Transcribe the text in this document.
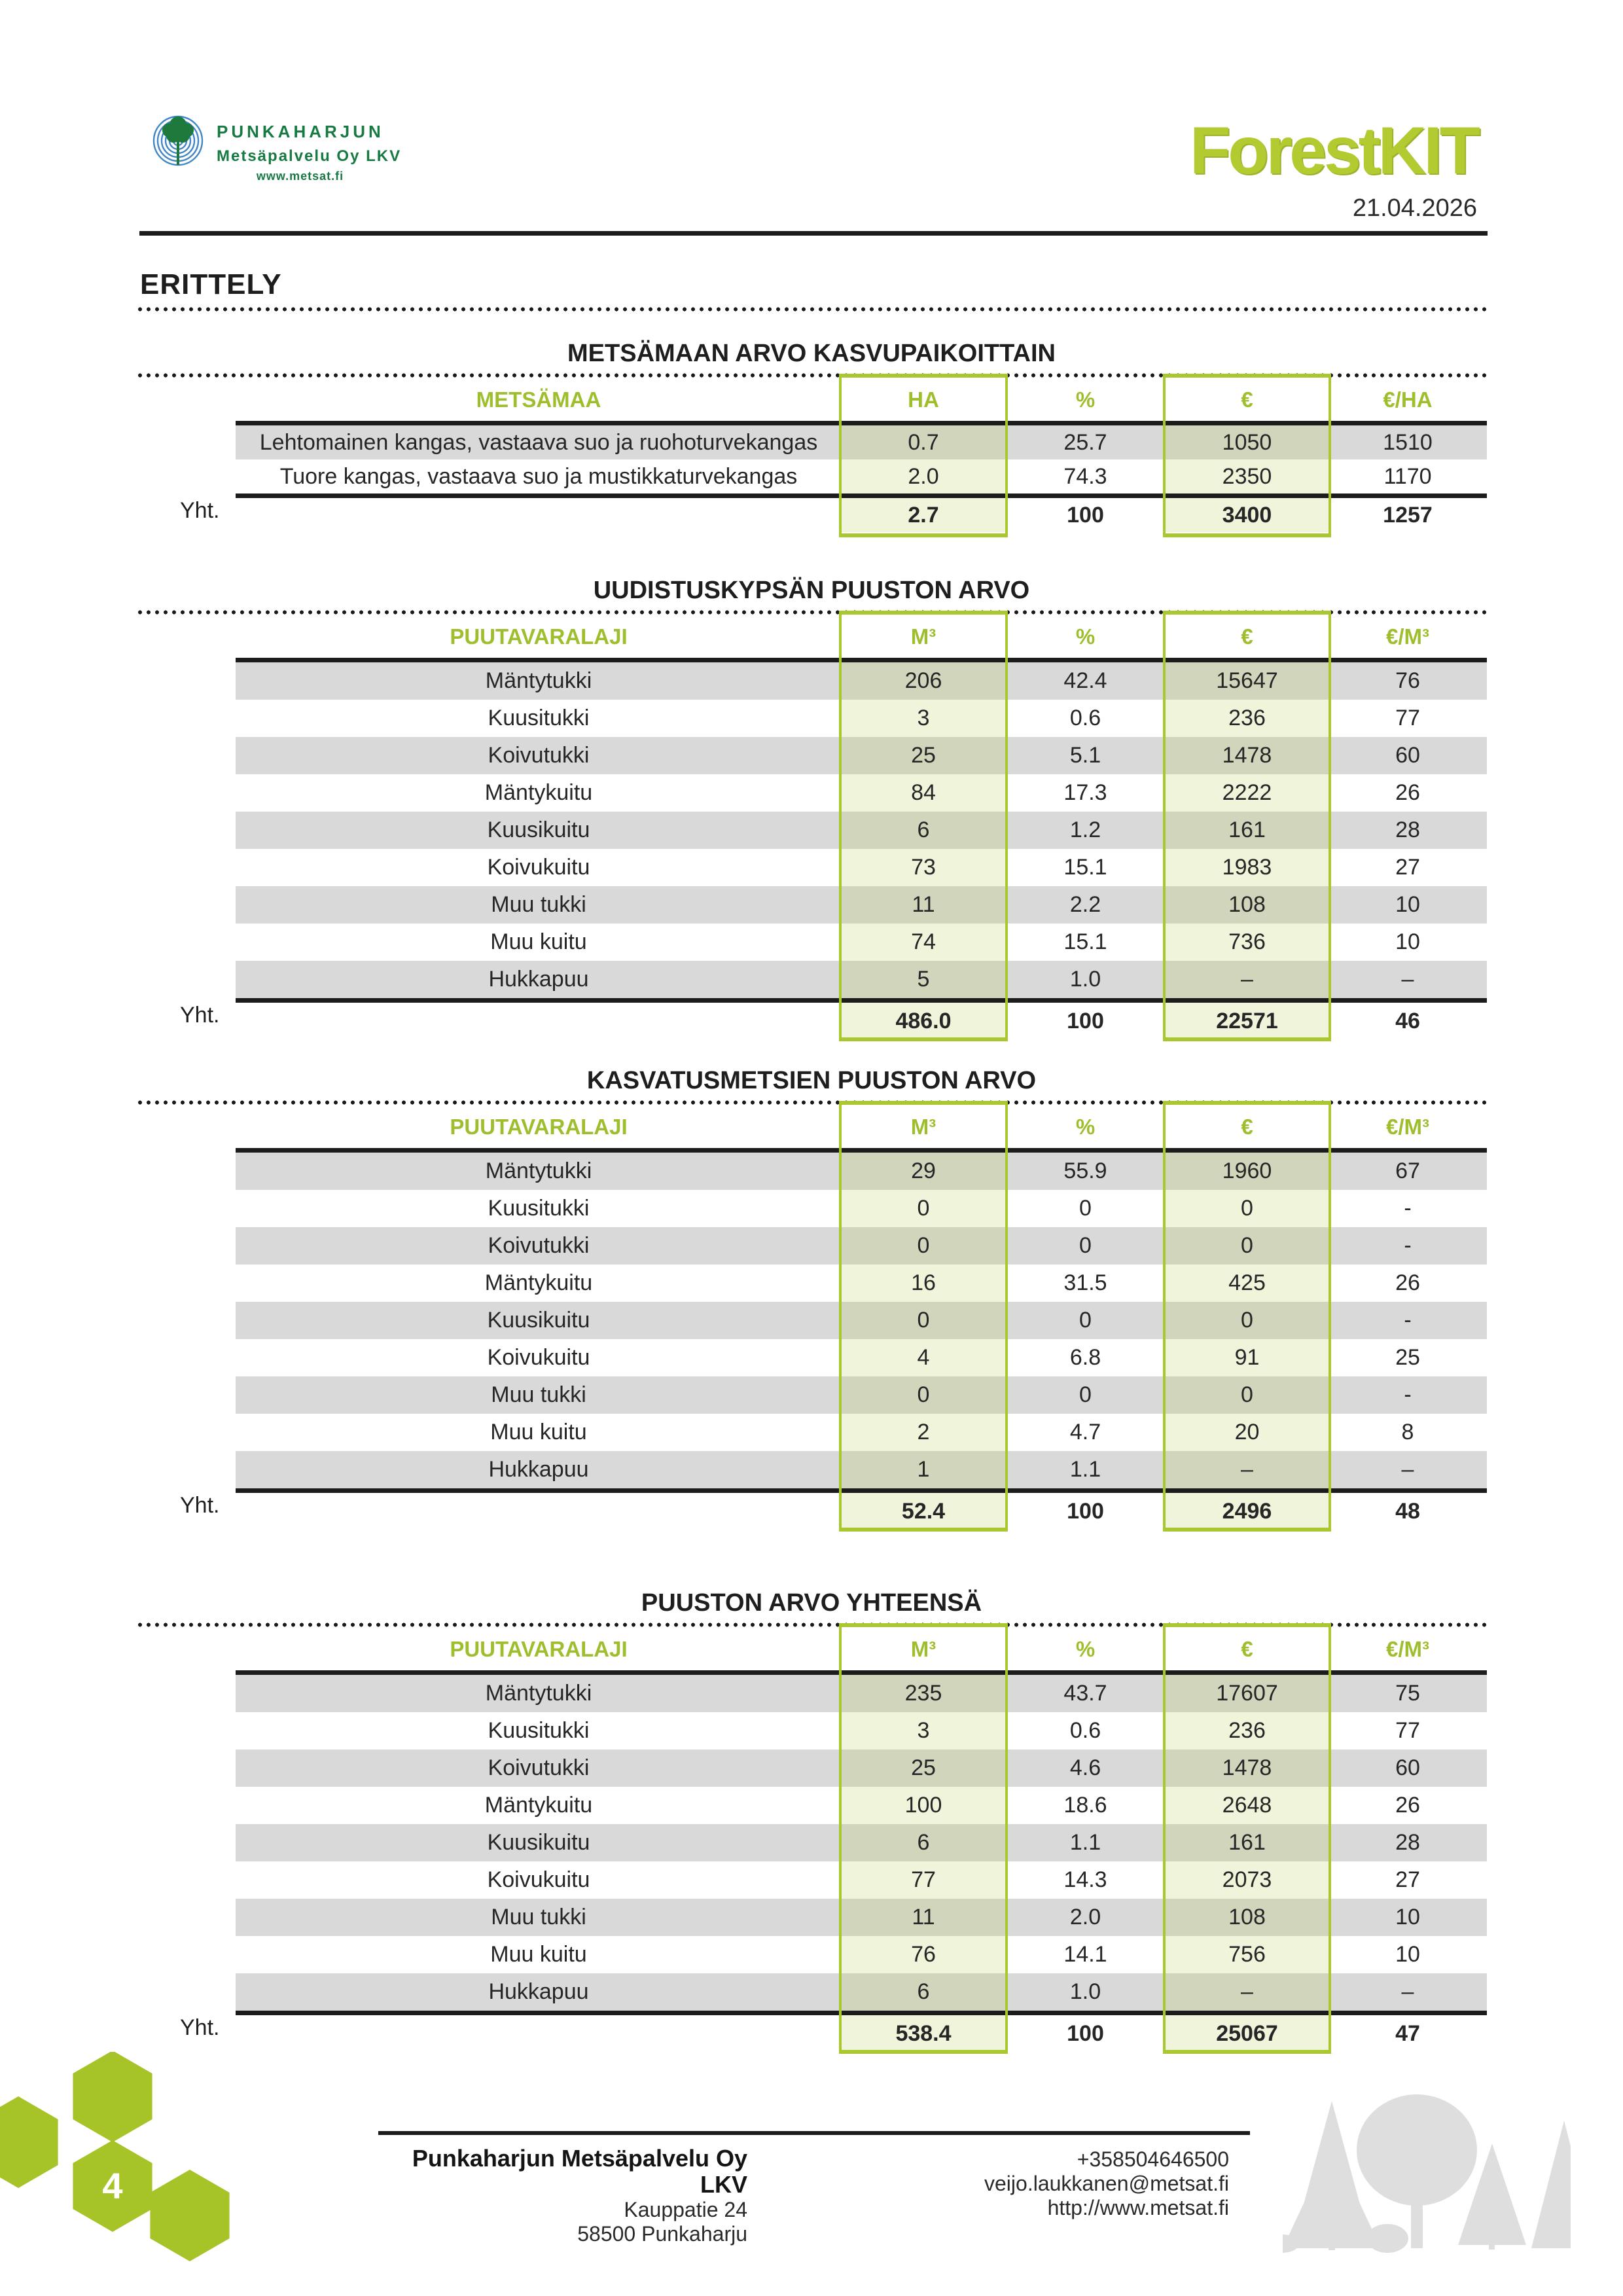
PUNKAHARJUN
Metsäpalvelu Oy LKV
www.metsat.fi	ForestKIT
21.04.2026
ERITTELY
METSÄMAAN ARVO KASVUPAIKOITTAIN
METSÄMAA	HA	%	€	€/HA
Lehtomainen kangas, vastaava suo ja ruohoturvekangas	0.7	25.7	1050	1510
Tuore kangas, vastaava suo ja mustikkaturvekangas	2.0	74.3	2350	1170
Yht.	2.7	100	3400	1257
UUDISTUSKYPSÄN PUUSTON ARVO
PUUTAVARALAJI	M³	%	€	€/M³
Mäntytukki	206	42.4	15647	76
Kuusitukki	3	0.6	236	77
Koivutukki	25	5.1	1478	60
Mäntykuitu	84	17.3	2222	26
Kuusikuitu	6	1.2	161	28
Koivukuitu	73	15.1	1983	27
Muu tukki	11	2.2	108	10
Muu kuitu	74	15.1	736	10
Hukkapuu	5	1.0	–	–
Yht.	486.0	100	22571	46
KASVATUSMETSIEN PUUSTON ARVO
PUUTAVARALAJI	M³	%	€	€/M³
Mäntytukki	29	55.9	1960	67
Kuusitukki	0	0	0	-
Koivutukki	0	0	0	-
Mäntykuitu	16	31.5	425	26
Kuusikuitu	0	0	0	-
Koivukuitu	4	6.8	91	25
Muu tukki	0	0	0	-
Muu kuitu	2	4.7	20	8
Hukkapuu	1	1.1	–	–
Yht.	52.4	100	2496	48
PUUSTON ARVO YHTEENSÄ
PUUTAVARALAJI	M³	%	€	€/M³
Mäntytukki	235	43.7	17607	75
Kuusitukki	3	0.6	236	77
Koivutukki	25	4.6	1478	60
Mäntykuitu	100	18.6	2648	26
Kuusikuitu	6	1.1	161	28
Koivukuitu	77	14.3	2073	27
Muu tukki	11	2.0	108	10
Muu kuitu	76	14.1	756	10
Hukkapuu	6	1.0	–	–
Yht.	538.4	100	25067	47
Punkaharjun Metsäpalvelu Oy LKV
Kauppatie 24
58500 Punkaharju
+358504646500
veijo.laukkanen@metsat.fi
http://www.metsat.fi
4
